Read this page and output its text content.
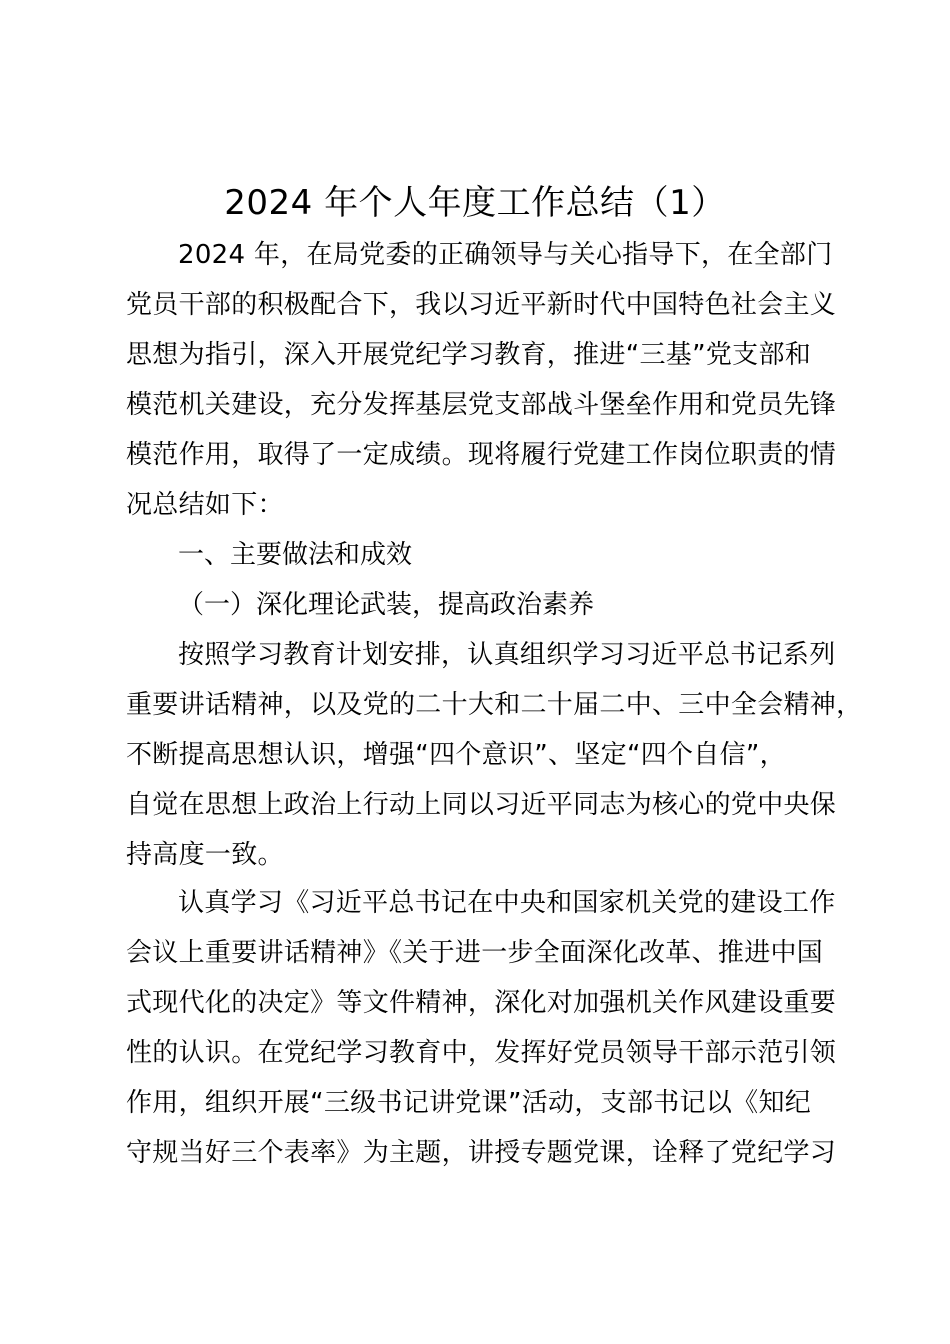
2024 年个人年度工作总结（1）
2024 年，在局党委的正确领导与关心指导下，在全部门
党员干部的积极配合下，我以习近平新时代中国特色社会主义
思想为指引，深入开展党纪学习教育，推进“三基”党支部和
模范机关建设，充分发挥基层党支部战斗堡垒作用和党员先锋
模范作用，取得了一定成绩。现将履行党建工作岗位职责的情
况总结如下：
一、主要做法和成效
（一）深化理论武装，提高政治素养
按照学习教育计划安排，认真组织学习习近平总书记系列
重要讲话精神，以及党的二十大和二十届二中、三中全会精神，
不断提高思想认识，增强“四个意识”、坚定“四个自信”，
自觉在思想上政治上行动上同以习近平同志为核心的党中央保
持高度一致。
认真学习《习近平总书记在中央和国家机关党的建设工作
会议上重要讲话精神》《关于进一步全面深化改革、推进中国
式现代化的决定》等文件精神，深化对加强机关作风建设重要
性的认识。在党纪学习教育中，发挥好党员领导干部示范引领
作用，组织开展“三级书记讲党课”活动，支部书记以《知纪
守规当好三个表率》为主题，讲授专题党课，诠释了党纪学习
